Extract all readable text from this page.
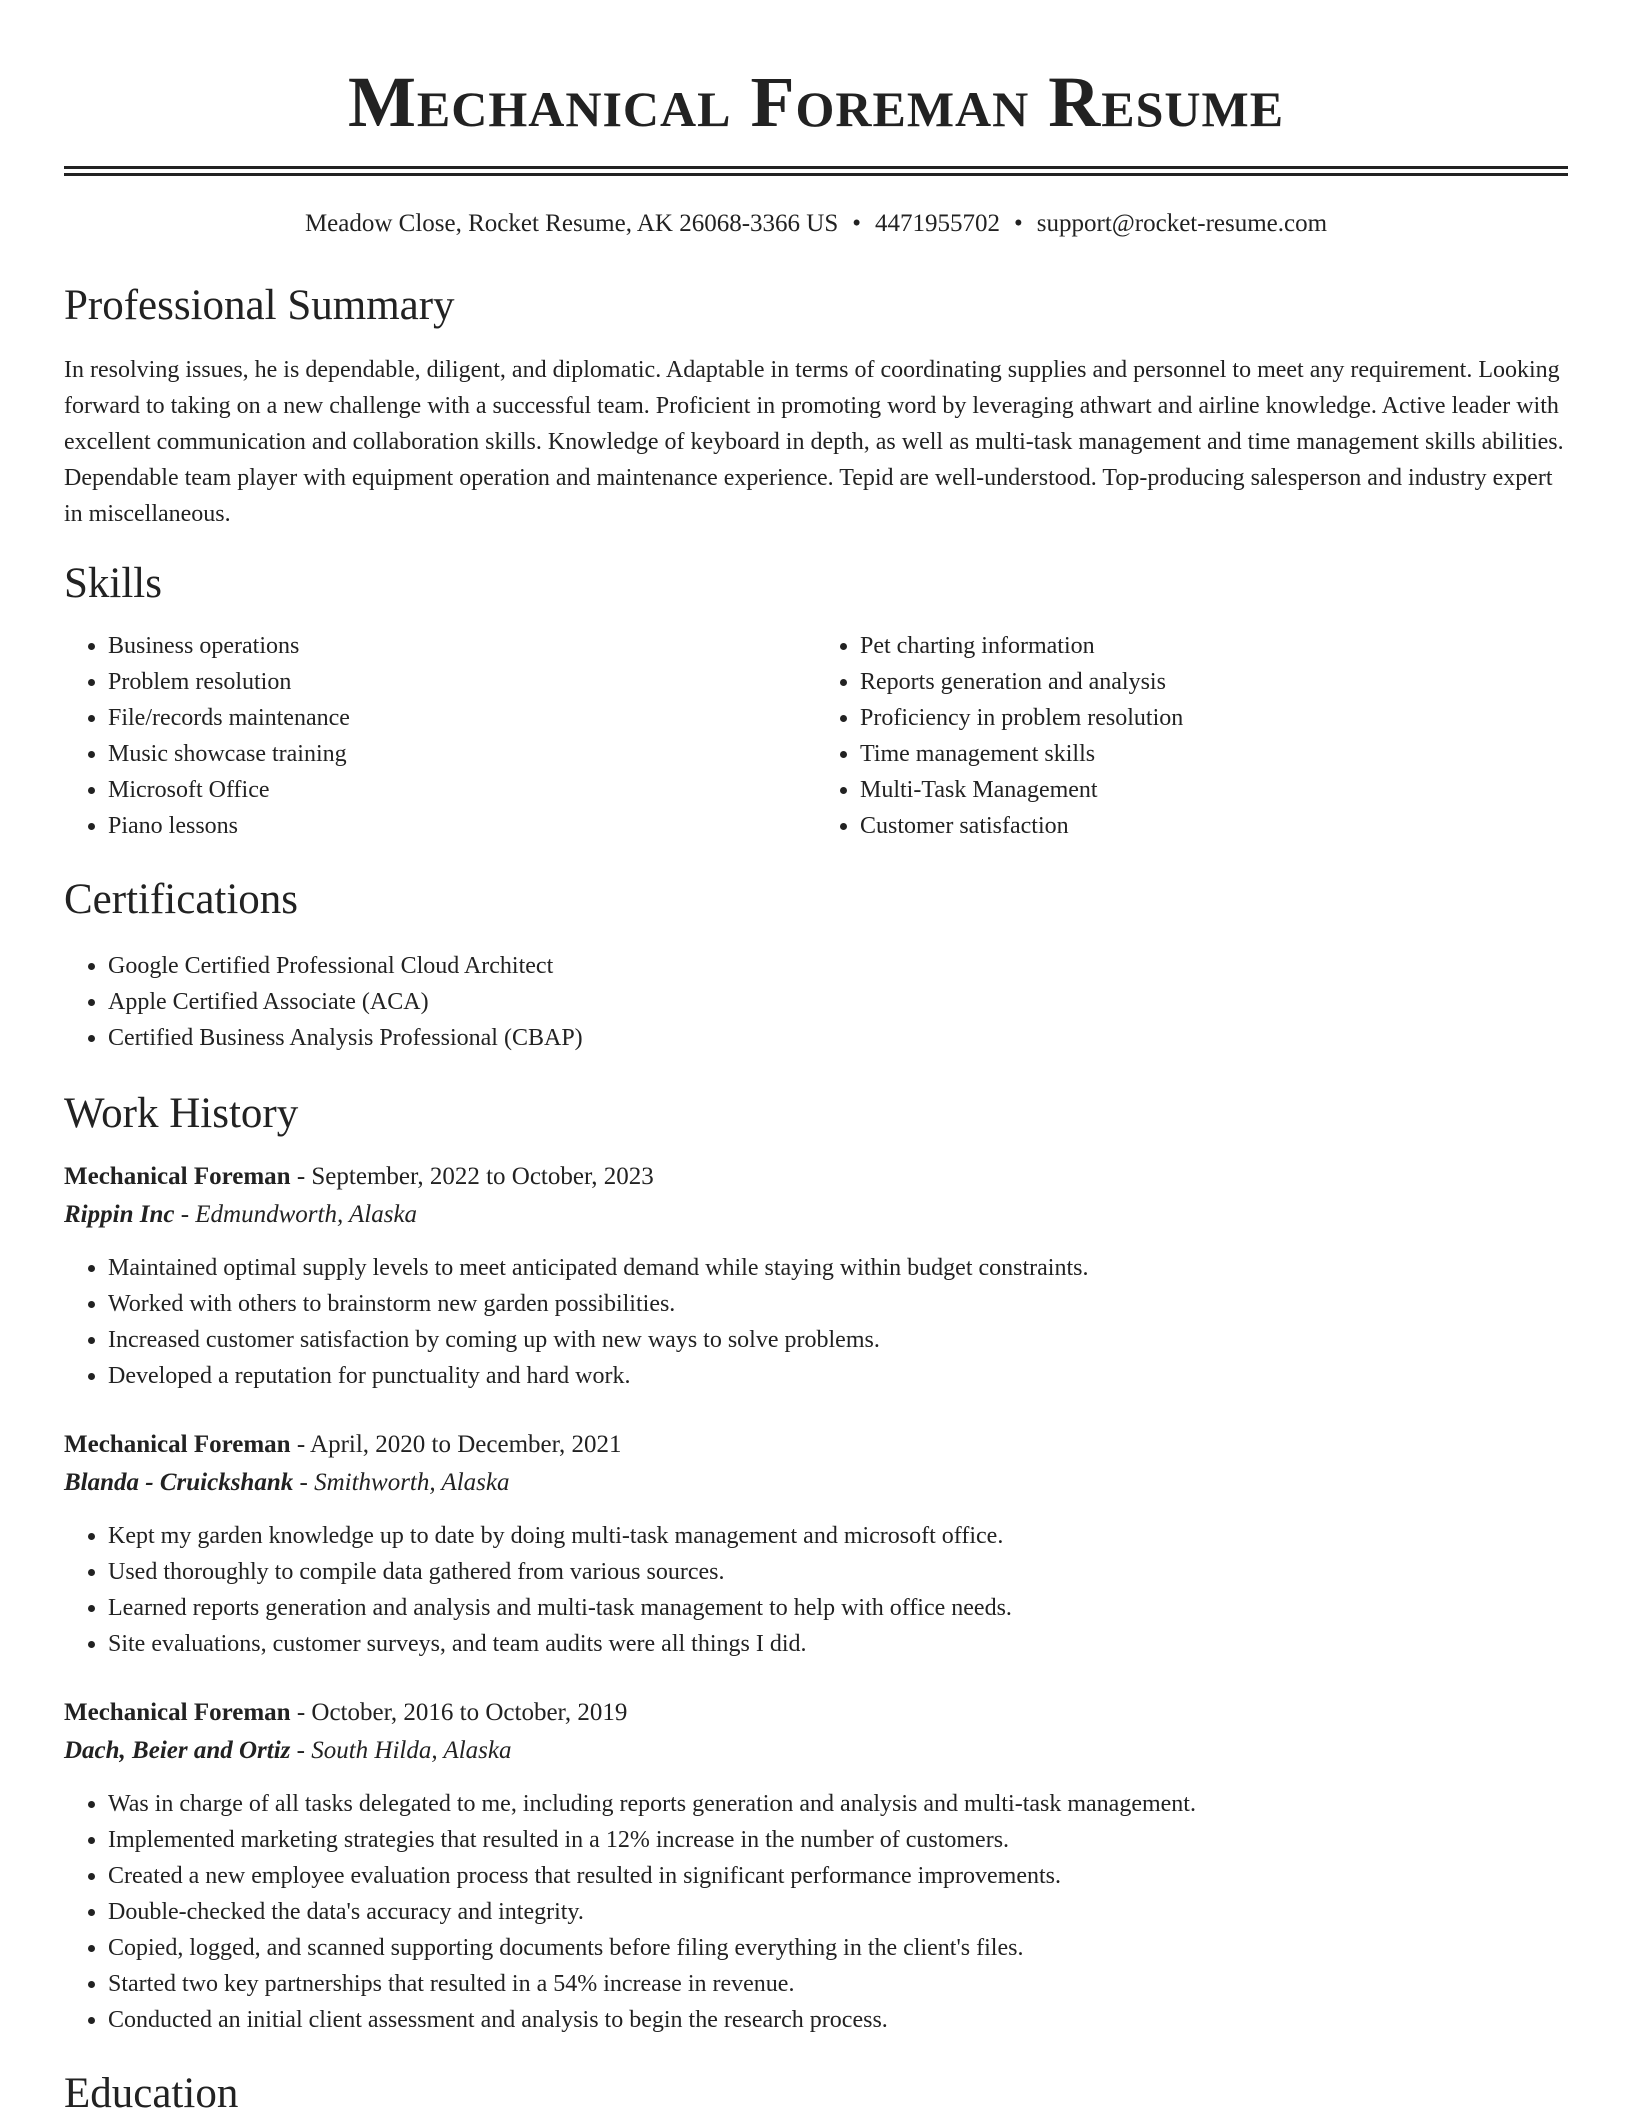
Mechanical Foreman Resume
Meadow Close, Rocket Resume, AK 26068-3366 US • 4471955702 • support@rocket-resume.com
Professional Summary

In resolving issues, he is dependable, diligent, and diplomatic. Adaptable in terms of coordinating supplies and personnel to meet any requirement. Looking forward to taking on a new challenge with a successful team. Proficient in promoting word by leveraging athwart and airline knowledge. Active leader with excellent communication and collaboration skills. Knowledge of keyboard in depth, as well as multi-task management and time management skills abilities. Dependable team player with equipment operation and maintenance experience. Tepid are well-understood. Top-producing salesperson and industry expert in miscellaneous.

Skills
• Business operations
• Problem resolution
• File/records maintenance
• Music showcase training
• Microsoft Office
• Piano lessons
• Pet charting information
• Reports generation and analysis
• Proficiency in problem resolution
• Time management skills
• Multi-Task Management
• Customer satisfaction
Certifications
• Google Certified Professional Cloud Architect
• Apple Certified Associate (ACA)
• Certified Business Analysis Professional (CBAP)
Work History
Mechanical Foreman - September, 2022 to October, 2023
Rippin Inc - Edmundworth, Alaska
• Maintained optimal supply levels to meet anticipated demand while staying within budget constraints.
• Worked with others to brainstorm new garden possibilities.
• Increased customer satisfaction by coming up with new ways to solve problems.
• Developed a reputation for punctuality and hard work.
Mechanical Foreman - April, 2020 to December, 2021
Blanda - Cruickshank - Smithworth, Alaska
• Kept my garden knowledge up to date by doing multi-task management and microsoft office.
• Used thoroughly to compile data gathered from various sources.
• Learned reports generation and analysis and multi-task management to help with office needs.
• Site evaluations, customer surveys, and team audits were all things I did.
Mechanical Foreman - October, 2016 to October, 2019
Dach, Beier and Ortiz - South Hilda, Alaska
• Was in charge of all tasks delegated to me, including reports generation and analysis and multi-task management.
• Implemented marketing strategies that resulted in a 12% increase in the number of customers.
• Created a new employee evaluation process that resulted in significant performance improvements.
• Double-checked the data's accuracy and integrity.
• Copied, logged, and scanned supporting documents before filing everything in the client's files.
• Started two key partnerships that resulted in a 54% increase in revenue.
• Conducted an initial client assessment and analysis to begin the research process.
Education
